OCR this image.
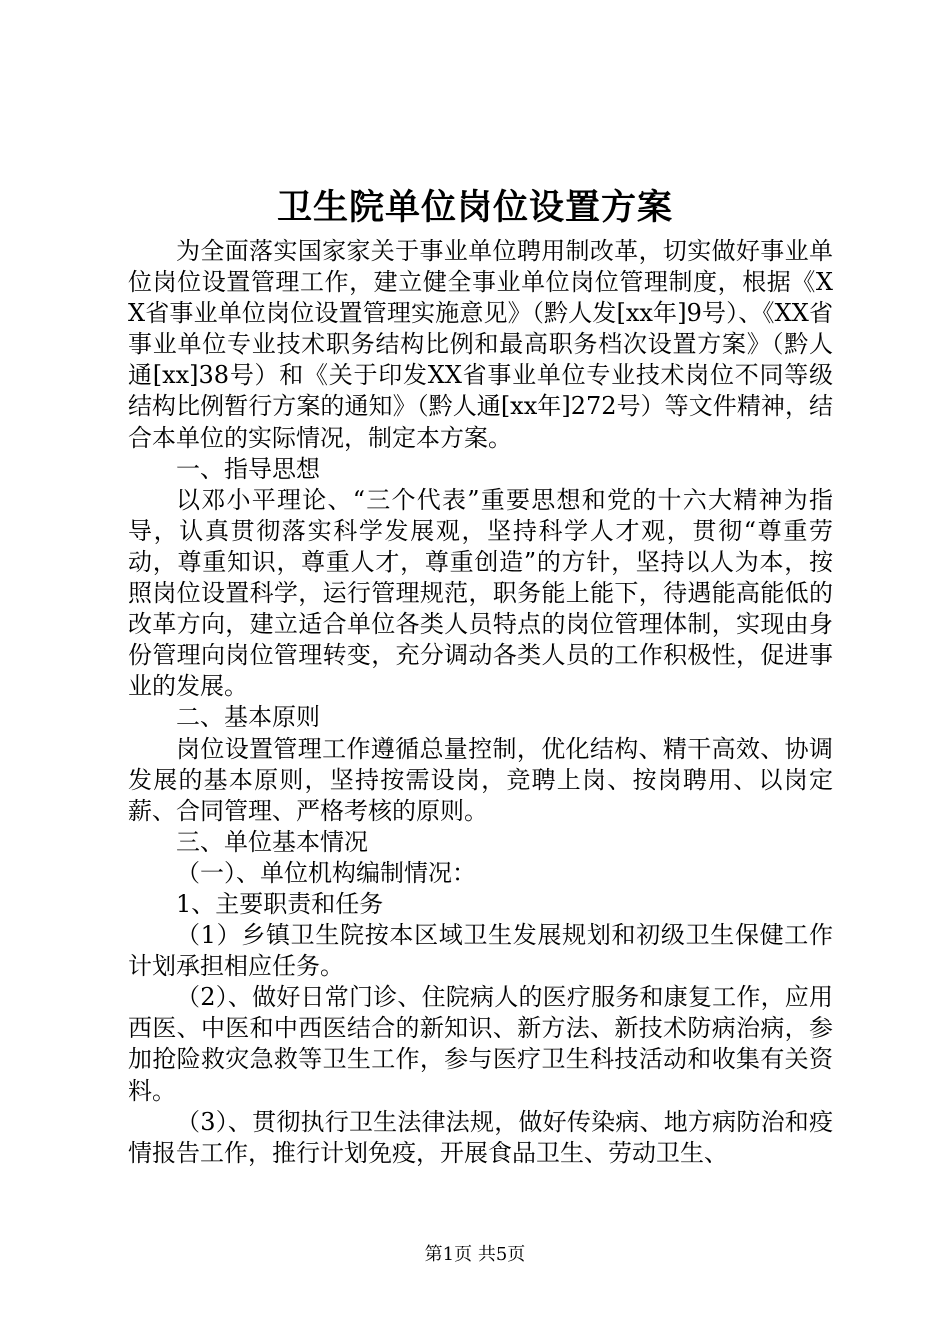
卫生院单位岗位设置方案

为全面落实国家家关于事业单位聘用制改革，切实做好事业单位岗位设置管理工作，建立健全事业单位岗位管理制度，根据《XX省事业单位岗位设置管理实施意见》（黔人发[xx年]9号）、《XX省事业单位专业技术职务结构比例和最高职务档次设置方案》（黔人通[xx]38号）和《关于印发XX省事业单位专业技术岗位不同等级结构比例暂行方案的通知》（黔人通[xx年]272号）等文件精神，结合本单位的实际情况，制定本方案。

一、指导思想

以邓小平理论、“三个代表”重要思想和党的十六大精神为指导，认真贯彻落实科学发展观，坚持科学人才观，贯彻“尊重劳动，尊重知识，尊重人才，尊重创造”的方针，坚持以人为本，按照岗位设置科学，运行管理规范，职务能上能下，待遇能高能低的改革方向，建立适合单位各类人员特点的岗位管理体制，实现由身份管理向岗位管理转变，充分调动各类人员的工作积极性，促进事业的发展。

二、基本原则

岗位设置管理工作遵循总量控制，优化结构、精干高效、协调发展的基本原则，坚持按需设岗，竞聘上岗、按岗聘用、以岗定薪、合同管理、严格考核的原则。

三、单位基本情况

（一）、单位机构编制情况：

1、主要职责和任务

（1）乡镇卫生院按本区域卫生发展规划和初级卫生保健工作计划承担相应任务。

（2）、做好日常门诊、住院病人的医疗服务和康复工作，应用西医、中医和中西医结合的新知识、新方法、新技术防病治病，参加抢险救灾急救等卫生工作，参与医疗卫生科技活动和收集有关资料。

（3）、贯彻执行卫生法律法规，做好传染病、地方病防治和疫情报告工作，推行计划免疫，开展食品卫生、劳动卫生、

第1页 共5页
